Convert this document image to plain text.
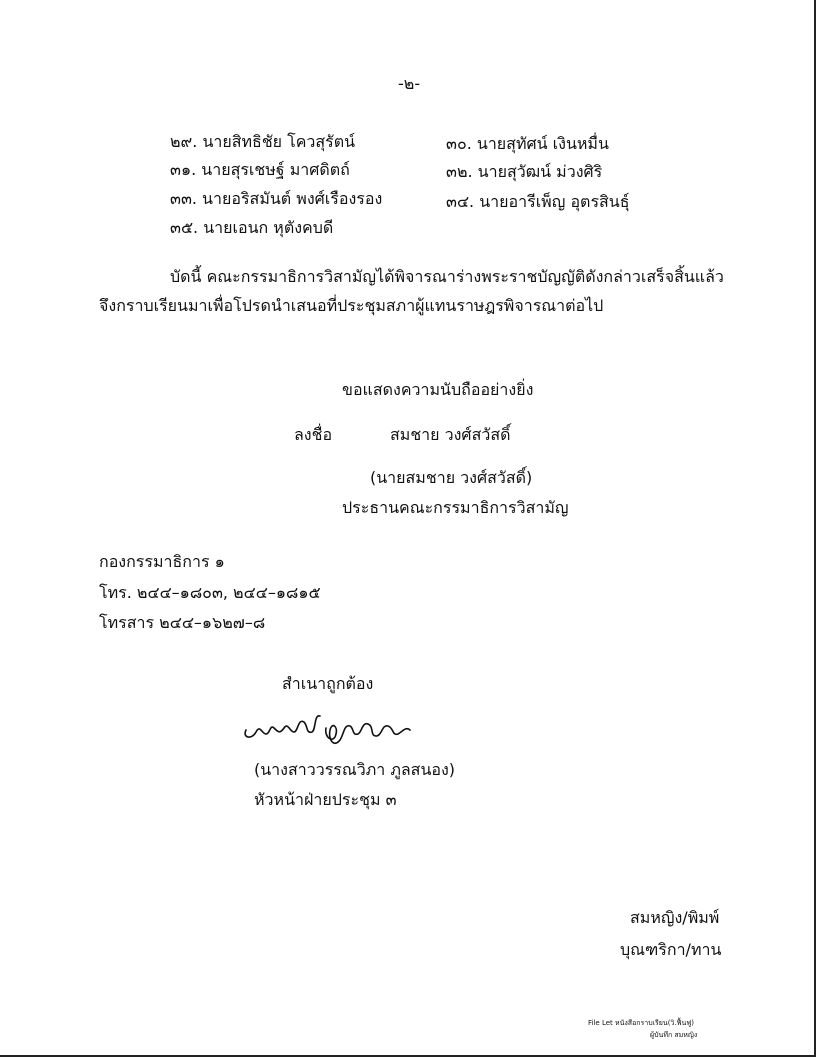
-๒-
๒๙. นายสิทธิชัย โควสุรัตน์	๓๐. นายสุทัศน์ เงินหมื่น
๓๑. นายสุรเชษฐ์ มาศดิตถ์	๓๒. นายสุวัฒน์ ม่วงศิริ
๓๓. นายอริสมันต์ พงศ์เรืองรอง	๓๔. นายอารีเพ็ญ อุตรสินธุ์
๓๕. นายเอนก หุตังคบดี
บัดนี้ คณะกรรมาธิการวิสามัญได้พิจารณาร่างพระราชบัญญัติดังกล่าวเสร็จสิ้นแล้ว
จึงกราบเรียนมาเพื่อโปรดนำเสนอที่ประชุมสภาผู้แทนราษฎรพิจารณาต่อไป
ขอแสดงความนับถืออย่างยิ่ง
ลงชื่อ	สมชาย วงศ์สวัสดิ์
(นายสมชาย วงศ์สวัสดิ์)
ประธานคณะกรรมาธิการวิสามัญ
กองกรรมาธิการ ๑
โทร. ๒๔๔–๑๘๐๓, ๒๔๔–๑๘๑๕
โทรสาร ๒๔๔–๑๖๒๗–๘
สำเนาถูกต้อง
(นางสาววรรณวิภา ภูลสนอง)
หัวหน้าฝ่ายประชุม ๓
สมหญิง/พิมพ์
บุณฑริกา/ทาน
File Let หนังสือกราบเรียน(วิ.ฟื้นฟู)
ผู้บันทึก สมหญิง
